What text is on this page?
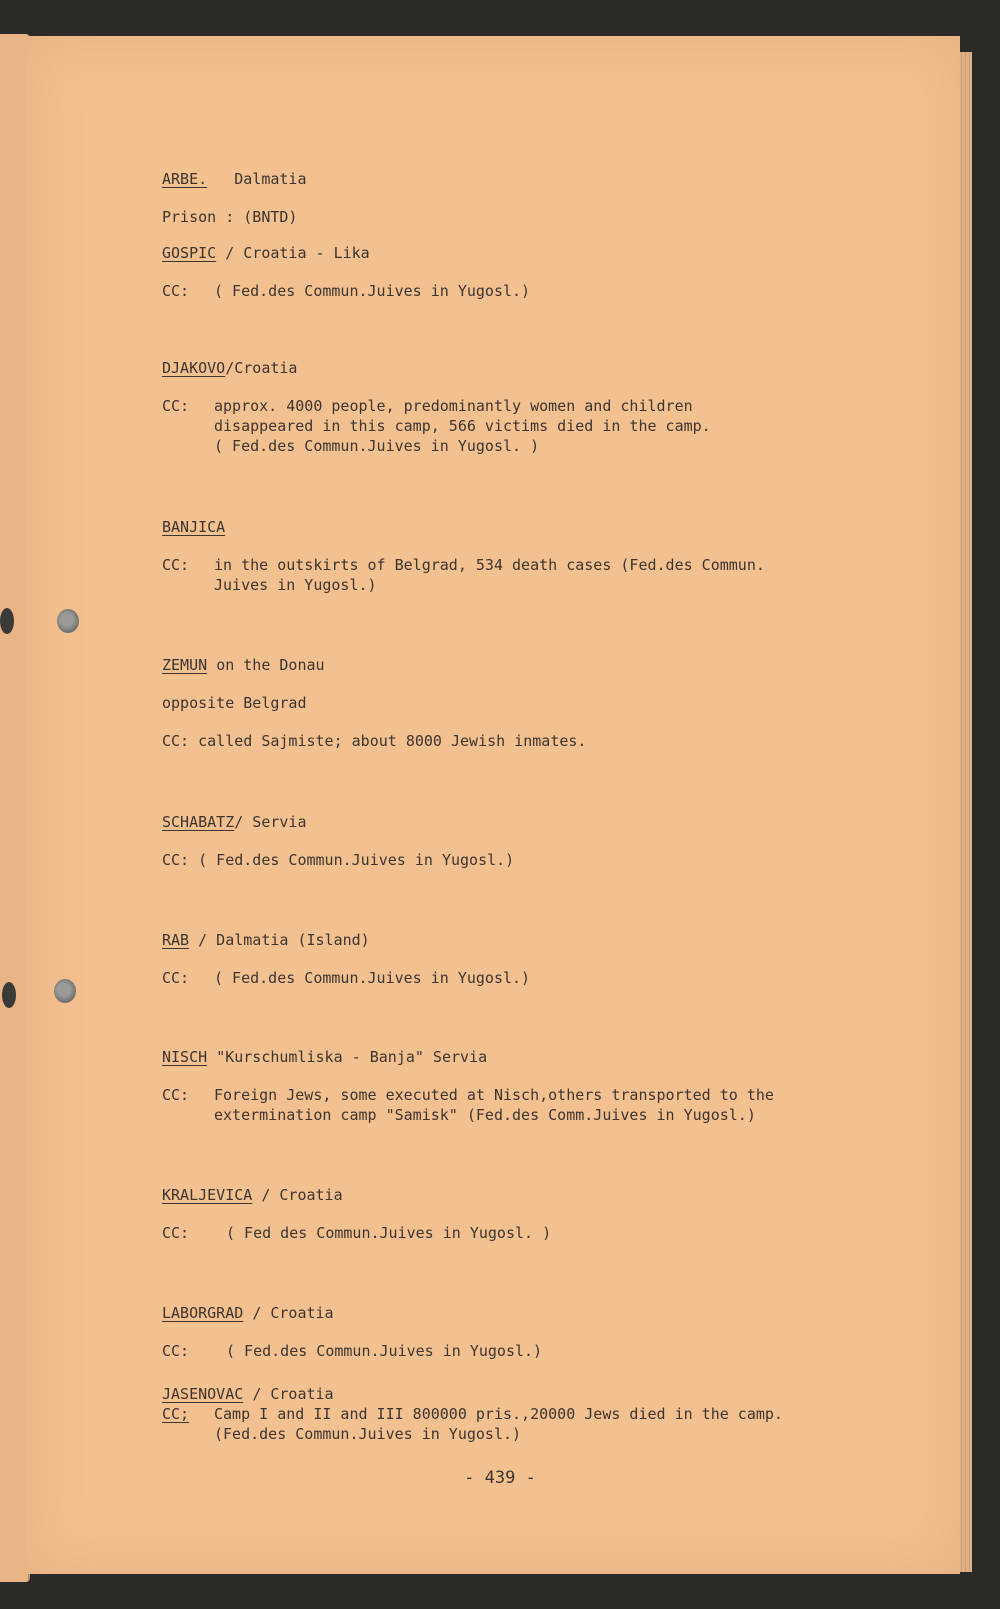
ARBE. Dalmatia
Prison : (BNTD)
GOSPIC / Croatia - Lika
CC:	( Fed.des Commun.Juives in Yugosl.)
DJAKOVO/Croatia
CC:	approx. 4000 people, predominantly women and children
disappeared in this camp, 566 victims died in the camp.
( Fed.des Commun.Juives in Yugosl. )
BANJICA
CC:	in the outskirts of Belgrad, 534 death cases (Fed.des Commun.
Juives in Yugosl.)
ZEMUN on the Donau
opposite Belgrad
CC: called Sajmiste; about 8000 Jewish inmates.
SCHABATZ/ Servia
CC: ( Fed.des Commun.Juives in Yugosl.)
RAB / Dalmatia (Island)
CC:	( Fed.des Commun.Juives in Yugosl.)
NISCH "Kurschumliska - Banja" Servia
CC:	Foreign Jews, some executed at Nisch,others transported to the
extermination camp "Samisk" (Fed.des Comm.Juives in Yugosl.)
KRALJEVICA / Croatia
CC:	( Fed des Commun.Juives in Yugosl. )
LABORGRAD / Croatia
CC:	( Fed.des Commun.Juives in Yugosl.)
JASENOVAC / Croatia
CC;	Camp I and II and III 800000 pris.,20000 Jews died in the camp.
(Fed.des Commun.Juives in Yugosl.)
- 439 -
